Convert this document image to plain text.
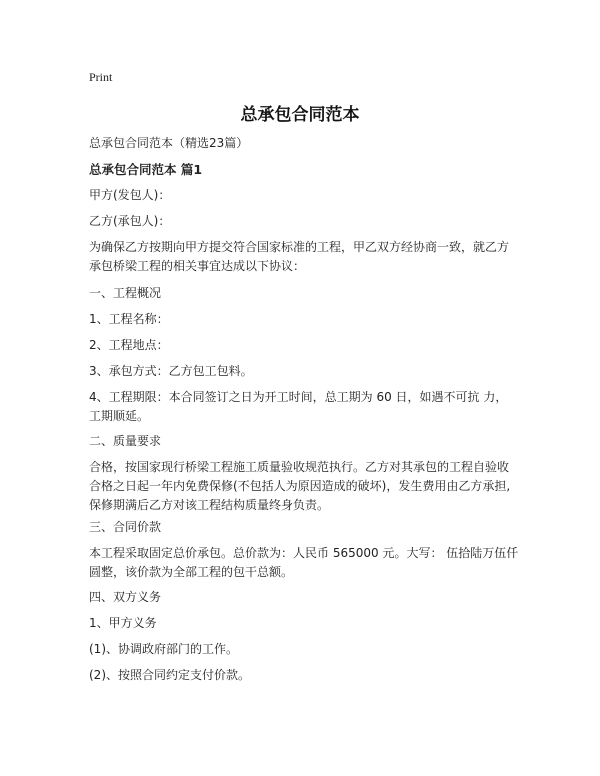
Print
总承包合同范本

总承包合同范本（精选23篇）

总承包合同范本 篇1

甲方(发包人)：

乙方(承包人)：

为确保乙方按期向甲方提交符合国家标准的工程，甲乙双方经协商一致，就乙方承包桥梁工程的相关事宜达成以下协议：

一、工程概况

1、工程名称：

2、工程地点：

3、承包方式：乙方包工包料。

4、工程期限：本合同签订之日为开工时间，总工期为 60 日，如遇不可抗 力，工期顺延。

二、质量要求

合格，按国家现行桥梁工程施工质量验收规范执行。乙方对其承包的工程自验收合格之日起一年内免费保修(不包括人为原因造成的破坏)，发生费用由乙方承担,保修期满后乙方对该工程结构质量终身负责。

三、合同价款

本工程采取固定总价承包。总价款为：人民币 565000 元。大写： 伍拾陆万伍仟圆整，该价款为全部工程的包干总额。

四、双方义务

1、甲方义务

(1)、协调政府部门的工作。

(2)、按照合同约定支付价款。
